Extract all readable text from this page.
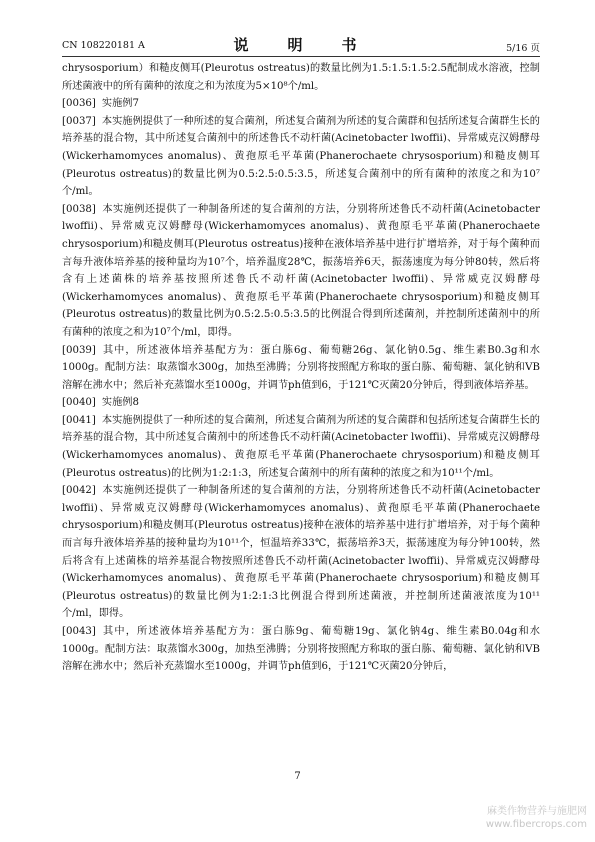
CN 108220181 A	说　明　书	5/16 页

chrysosporium）和糙皮侧耳(Pleurotus ostreatus)的数量比例为1.5:1.5:1.5:2.5配制成水溶液，控制所述菌液中的所有菌种的浓度之和为浓度为5×10⁸个/ml。

[0036] 实施例7

[0037] 本实施例提供了一种所述的复合菌剂，所述复合菌剂为所述的复合菌群和包括所述复合菌群生长的培养基的混合物，其中所述复合菌剂中的所述鲁氏不动杆菌(Acinetobacter lwoffii)、异常威克汉姆酵母(Wickerhamomyces anomalus)、黄孢原毛平革菌(Phanerochaete chrysosporium)和糙皮侧耳(Pleurotus ostreatus)的数量比例为0.5:2.5:0.5:3.5，所述复合菌剂中的所有菌种的浓度之和为10⁷个/ml。

[0038] 本实施例还提供了一种制备所述的复合菌剂的方法，分别将所述鲁氏不动杆菌(Acinetobacter lwoffii)、异常威克汉姆酵母(Wickerhamomyces anomalus)、黄孢原毛平革菌(Phanerochaete chrysosporium)和糙皮侧耳(Pleurotus ostreatus)接种在液体培养基中进行扩增培养，对于每个菌种而言每升液体培养基的接种量均为10⁷个，培养温度28℃，振荡培养6天，振荡速度为每分钟80转，然后将含有上述菌株的培养基按照所述鲁氏不动杆菌(Acinetobacter lwoffii)、异常威克汉姆酵母(Wickerhamomyces anomalus)、黄孢原毛平革菌(Phanerochaete chrysosporium)和糙皮侧耳(Pleurotus ostreatus)的数量比例为0.5:2.5:0.5:3.5的比例混合得到所述菌剂，并控制所述菌剂中的所有菌种的浓度之和为10⁷个/ml，即得。

[0039] 其中，所述液体培养基配方为：蛋白胨6g、葡萄糖26g、氯化钠0.5g、维生素B0.3g和水1000g。配制方法：取蒸馏水300g，加热至沸腾；分别将按照配方称取的蛋白胨、葡萄糖、氯化钠和VB溶解在沸水中；然后补充蒸馏水至1000g，并调节ph值到6，于121℃灭菌20分钟后，得到液体培养基。

[0040] 实施例8

[0041] 本实施例提供了一种所述的复合菌剂，所述复合菌剂为所述的复合菌群和包括所述复合菌群生长的培养基的混合物，其中所述复合菌剂中的所述鲁氏不动杆菌(Acinetobacter lwoffii)、异常威克汉姆酵母(Wickerhamomyces anomalus)、黄孢原毛平革菌(Phanerochaete chrysosporium)和糙皮侧耳(Pleurotus ostreatus)的比例为1:2:1:3，所述复合菌剂中的所有菌种的浓度之和为10¹¹个/ml。

[0042] 本实施例还提供了一种制备所述的复合菌剂的方法，分别将所述鲁氏不动杆菌(Acinetobacter lwoffii)、异常威克汉姆酵母(Wickerhamomyces anomalus)、黄孢原毛平革菌(Phanerochaete chrysosporium)和糙皮侧耳(Pleurotus ostreatus)接种在液体的培养基中进行扩增培养，对于每个菌种而言每升液体培养基的接种量均为10¹¹个，恒温培养33℃，振荡培养3天，振荡速度为每分钟100转，然后将含有上述菌株的培养基混合物按照所述鲁氏不动杆菌(Acinetobacter lwoffii)、异常威克汉姆酵母(Wickerhamomyces anomalus)、黄孢原毛平革菌(Phanerochaete chrysosporium)和糙皮侧耳(Pleurotus ostreatus)的数量比例为1:2:1:3比例混合得到所述菌液，并控制所述菌液浓度为10¹¹个/ml，即得。

[0043] 其中，所述液体培养基配方为：蛋白胨9g、葡萄糖19g、氯化钠4g、维生素B0.04g和水1000g。配制方法：取蒸馏水300g，加热至沸腾；分别将按照配方称取的蛋白胨、葡萄糖、氯化钠和VB溶解在沸水中；然后补充蒸馏水至1000g，并调节ph值到6，于121℃灭菌20分钟后，

7
麻类作物营养与施肥网
www.fibercrops.com
